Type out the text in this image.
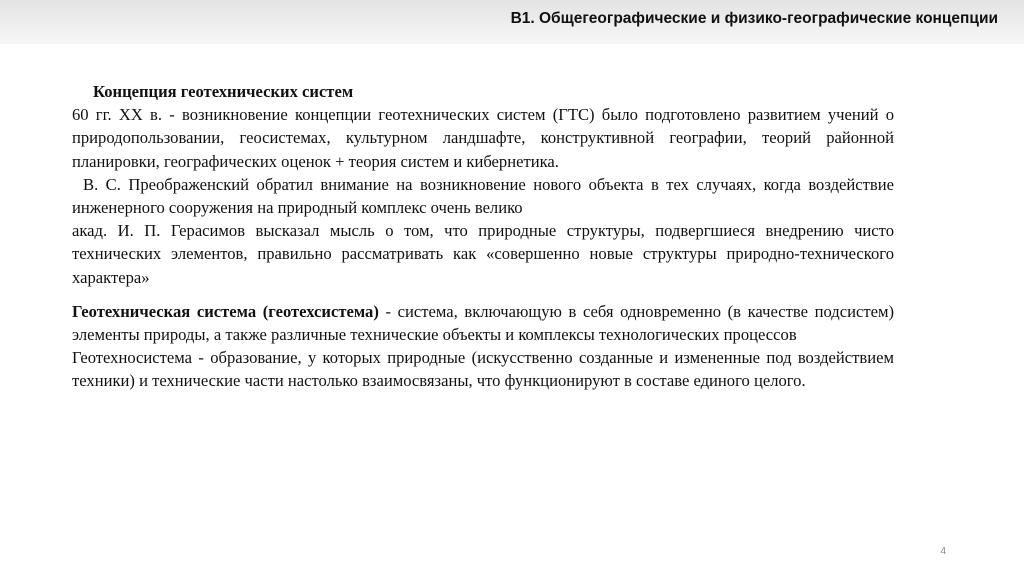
В1. Общегеографические и физико-географические концепции

Концепция геотехнических систем

60 гг. XX в. - возникновение концепции геотехнических систем (ГТС) было подготовлено развитием учений о природопользовании, геосистемах, культурном ландшафте, конструктивной географии, теорий районной планировки, географических оценок + теория систем и кибернетика.

В. С. Преображенский обратил внимание на возникновение нового объекта в тех случаях, когда воздействие инженерного сооружения на природный комплекс очень велико

акад. И. П. Герасимов высказал мысль о том, что природные структуры, подвергшиеся внедрению чисто технических элементов, правильно рассматривать как «совершенно новые структуры природно-технического характера»

Геотехническая система (геотехсистема) - система, включающую в себя одновременно (в качестве подсистем) элементы природы, а также различные технические объекты и комплексы технологических процессов

Геотехносистема - образование, у которых природные (искусственно созданные и измененные под воздействием техники) и технические части настолько взаимосвязаны, что функционируют в составе единого целого.

4
